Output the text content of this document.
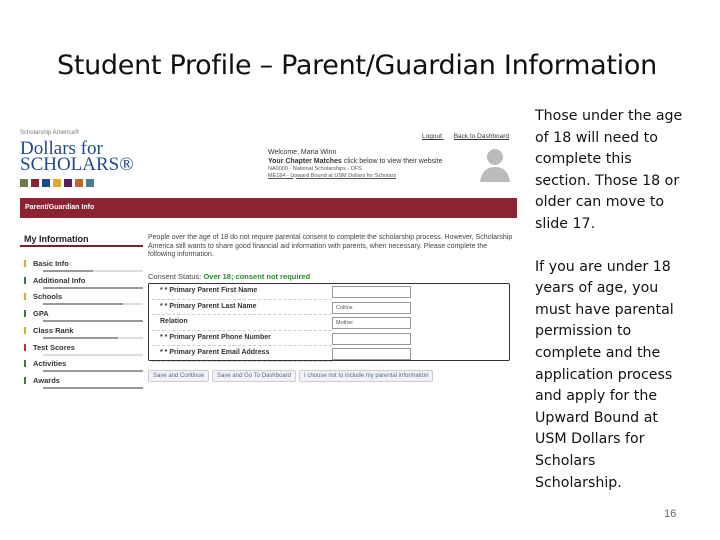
Student Profile – Parent/Guardian Information
Scholarship America®
Dollars for
SCHOLARS®
Logout Back to Dashboard
Welcome, Maria Winn
Your Chapter Matches click below to view their website
NA0000 - National Scholarships - DFS
ME184 - Upward Bound at USM Dollars for Scholars
Parent/Guardian Info
My Information
Basic Info
Additional Info
Schools
GPA
Class Rank
Test Scores
Activities
Awards
People over the age of 18 do not require parental consent to complete the scholarship process. However, Scholarship America still wants to share good financial aid information with parents, when necessary. Please complete the following information.
Consent Status: Over 18; consent not required
* * Primary Parent First Name
* * Primary Parent Last Name	Collins
Relation	Mother
* * Primary Parent Phone Number
* * Primary Parent Email Address
Save and Continue	Save and Go To Dashboard	I choose not to include my parental information

Those under the age of 18 will need to complete this section. Those 18 or older can move to slide 17.

If you are under 18 years of age, you must have parental permission to complete and the application process and apply for the Upward Bound at USM Dollars for Scholars Scholarship.

16
